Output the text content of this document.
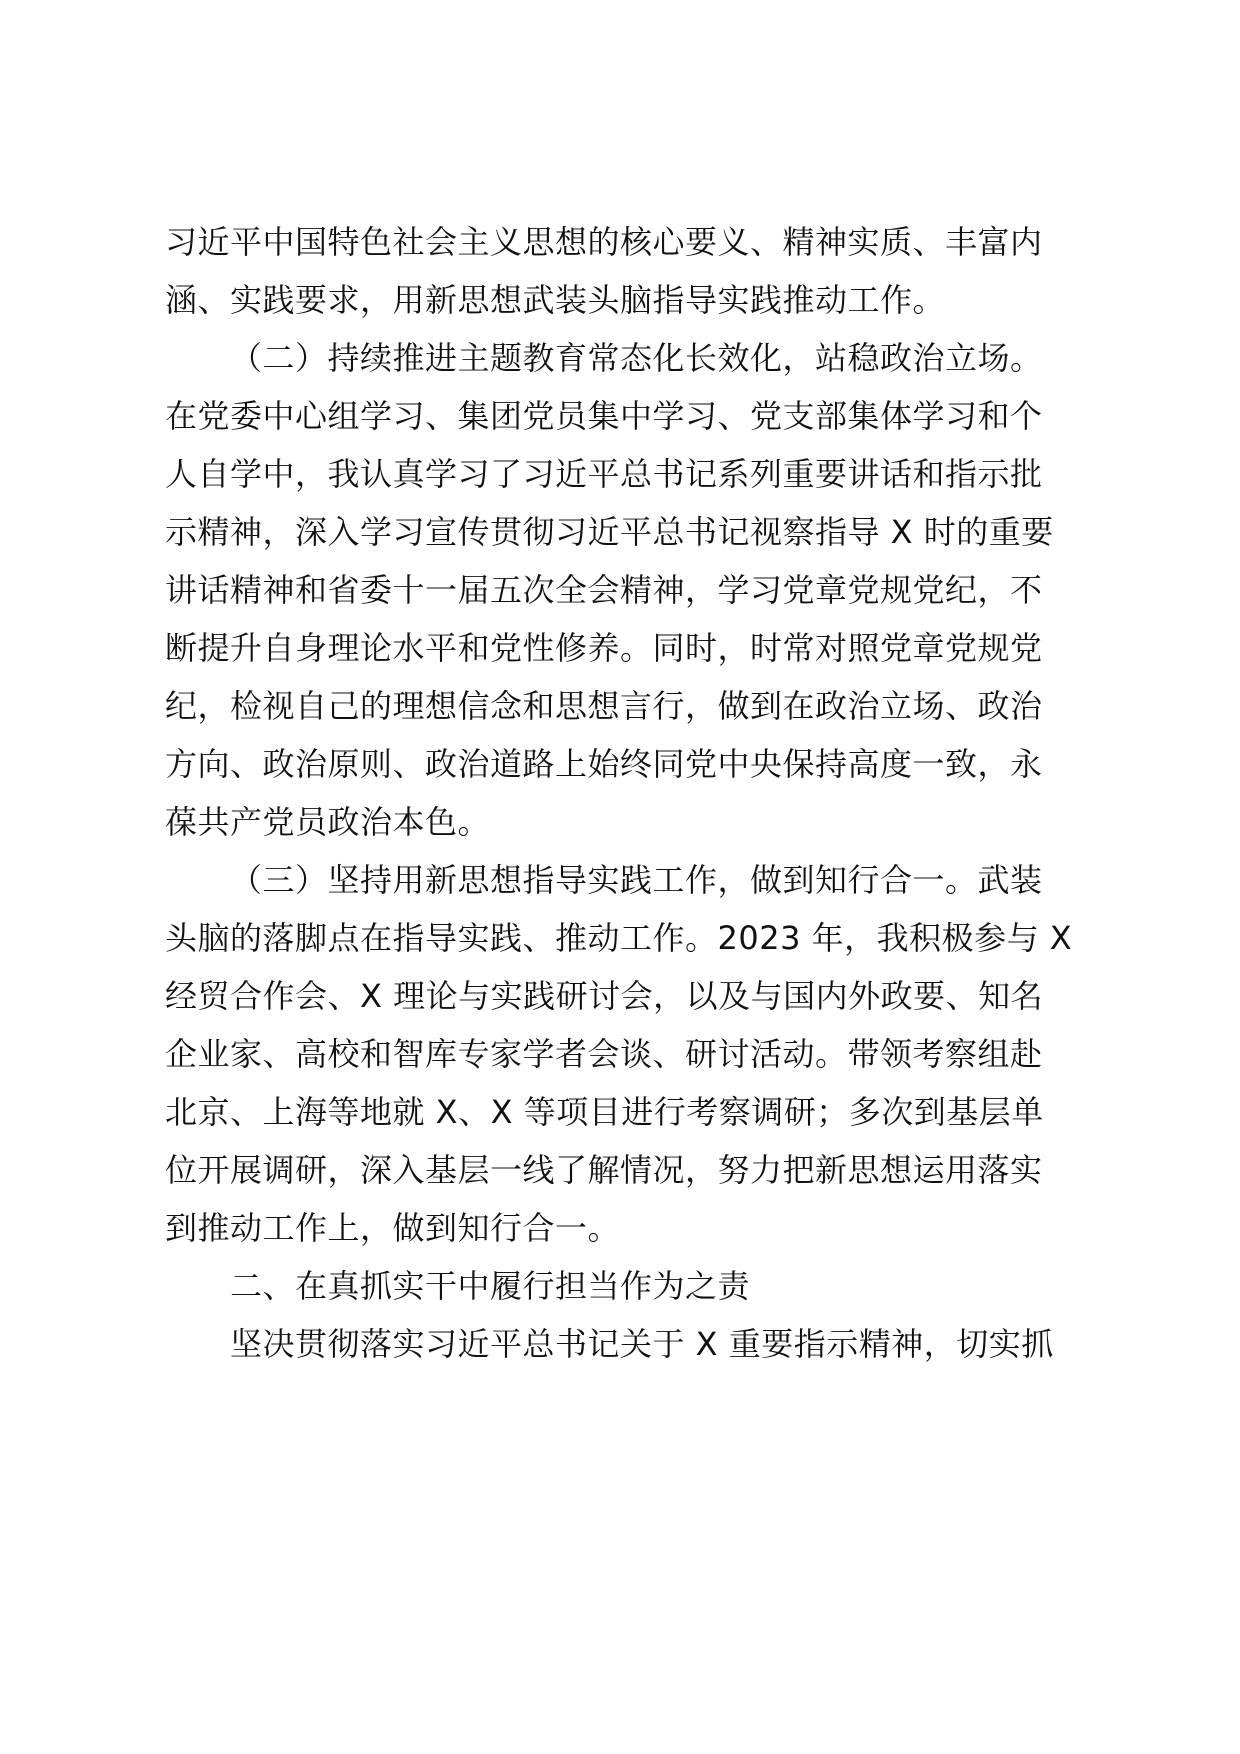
习近平中国特色社会主义思想的核心要义、精神实质、丰富内
涵、实践要求，用新思想武装头脑指导实践推动工作。
（二）持续推进主题教育常态化长效化，站稳政治立场。
在党委中心组学习、集团党员集中学习、党支部集体学习和个
人自学中，我认真学习了习近平总书记系列重要讲话和指示批
示精神，深入学习宣传贯彻习近平总书记视察指导 X 时的重要
讲话精神和省委十一届五次全会精神，学习党章党规党纪，不
断提升自身理论水平和党性修养。同时，时常对照党章党规党
纪，检视自己的理想信念和思想言行，做到在政治立场、政治
方向、政治原则、政治道路上始终同党中央保持高度一致，永
葆共产党员政治本色。
（三）坚持用新思想指导实践工作，做到知行合一。武装
头脑的落脚点在指导实践、推动工作。2023 年，我积极参与 X
经贸合作会、X 理论与实践研讨会，以及与国内外政要、知名
企业家、高校和智库专家学者会谈、研讨活动。带领考察组赴
北京、上海等地就 X、X 等项目进行考察调研；多次到基层单
位开展调研，深入基层一线了解情况，努力把新思想运用落实
到推动工作上，做到知行合一。
二、在真抓实干中履行担当作为之责
坚决贯彻落实习近平总书记关于 X 重要指示精神，切实抓
